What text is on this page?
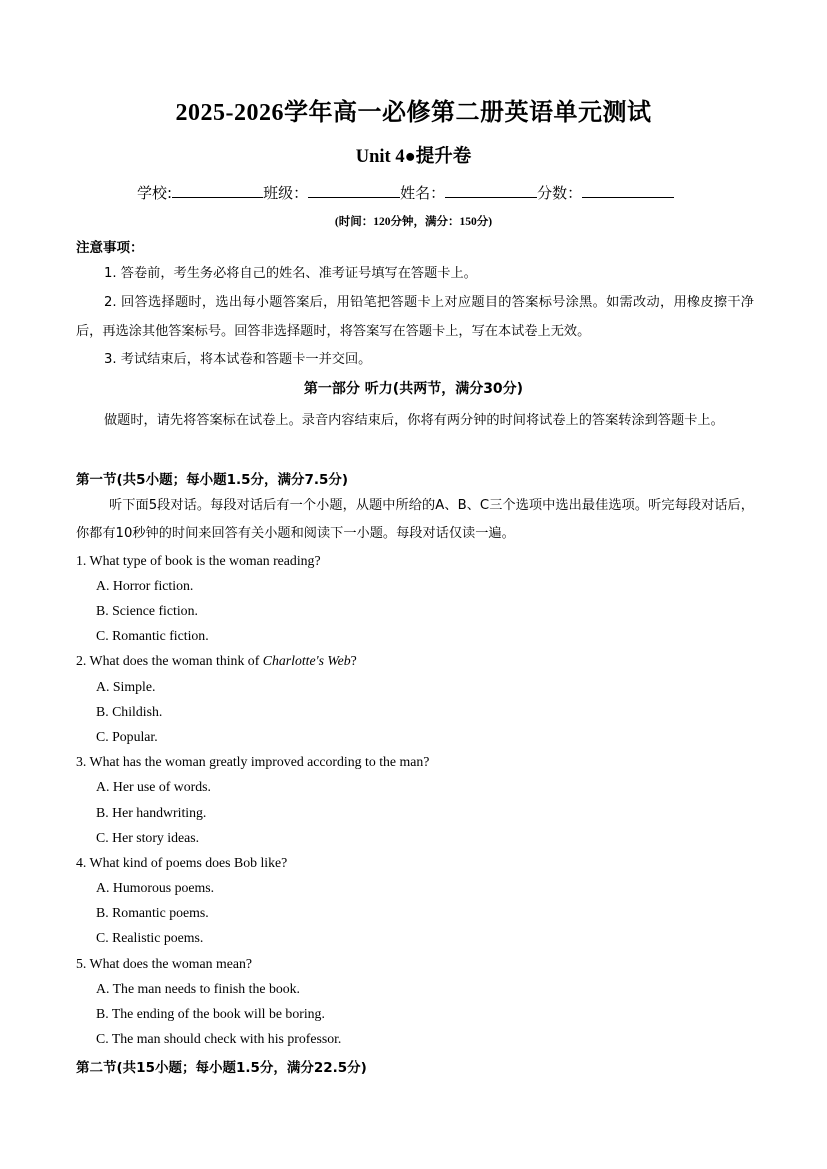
2025-2026学年高一必修第二册英语单元测试
Unit 4●提升卷
学校:	班级：	姓名：	分数：
(时间：120分钟，满分：150分)
注意事项：
1. 答卷前，考生务必将自己的姓名、准考证号填写在答题卡上。
2. 回答选择题时，选出每小题答案后，用铅笔把答题卡上对应题目的答案标号涂黑。如需改动，用橡皮擦干净后，再选涂其他答案标号。回答非选择题时，将答案写在答题卡上，写在本试卷上无效。
3. 考试结束后，将本试卷和答题卡一并交回。
第一部分 听力(共两节，满分30分)
做题时，请先将答案标在试卷上。录音内容结束后，你将有两分钟的时间将试卷上的答案转涂到答题卡上。
第一节(共5小题；每小题1.5分，满分7.5分)
听下面5段对话。每段对话后有一个小题，从题中所给的A、B、C三个选项中选出最佳选项。听完每段对话后，你都有10秒钟的时间来回答有关小题和阅读下一小题。每段对话仅读一遍。
1. What type of book is the woman reading?
A. Horror fiction.
B. Science fiction.
C. Romantic fiction.
2. What does the woman think of Charlotte's Web?
A. Simple.
B. Childish.
C. Popular.
3. What has the woman greatly improved according to the man?
A. Her use of words.
B. Her handwriting.
C. Her story ideas.
4. What kind of poems does Bob like?
A. Humorous poems.
B. Romantic poems.
C. Realistic poems.
5. What does the woman mean?
A. The man needs to finish the book.
B. The ending of the book will be boring.
C. The man should check with his professor.
第二节(共15小题；每小题1.5分，满分22.5分)
